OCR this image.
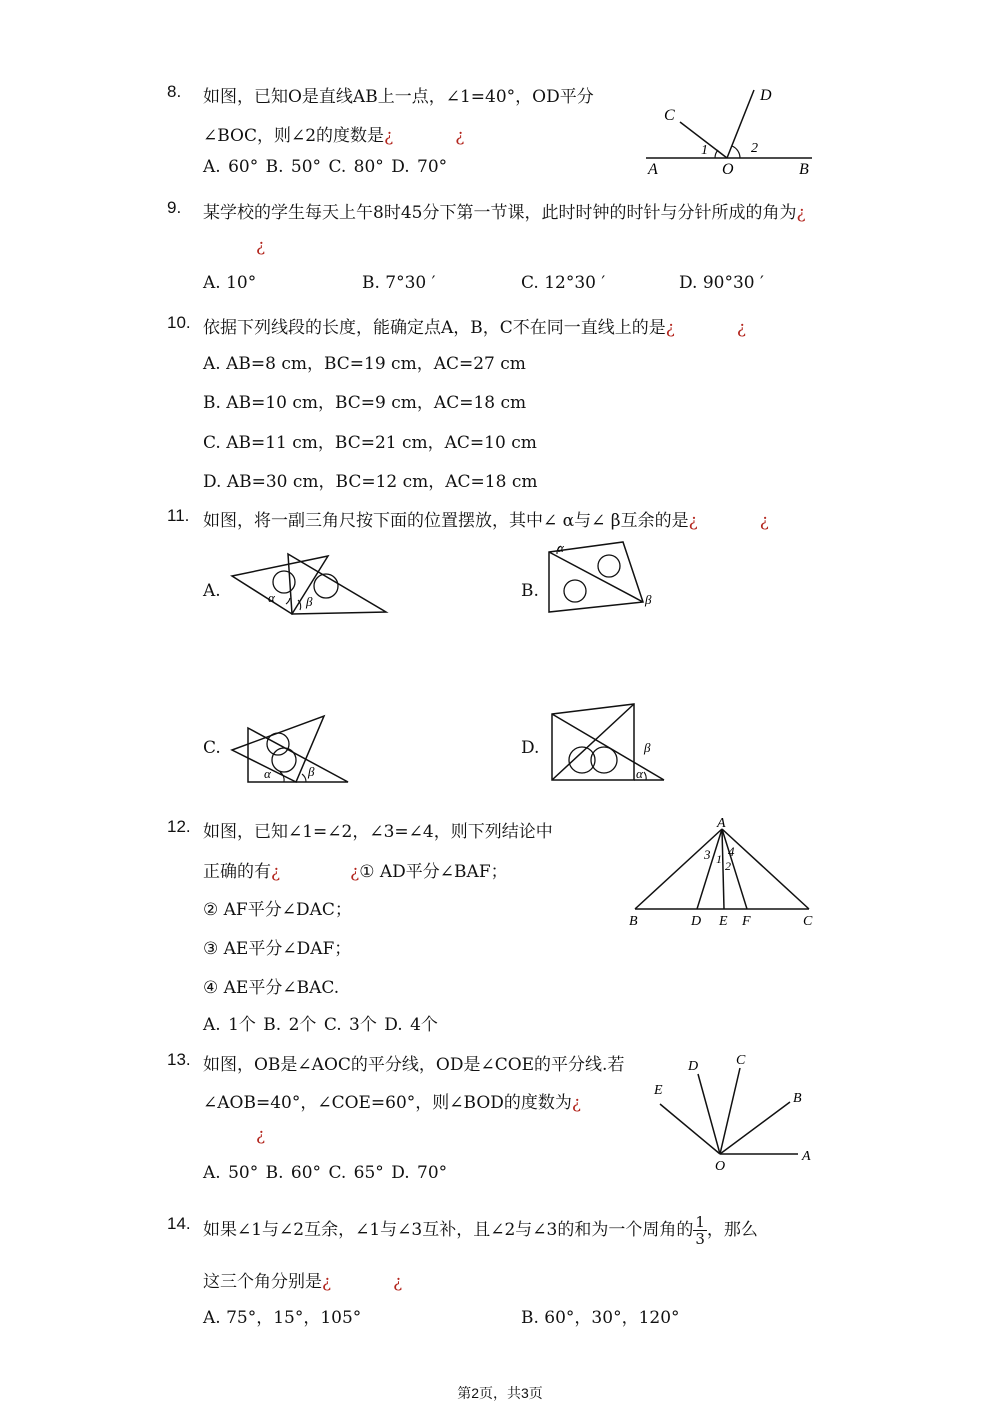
8. 如图，已知O是直线AB上一点，∠1=40°，OD平分
∠BOC，则∠2的度数是¿	¿
A. 60° B. 50° C. 80° D. 70°	A	B
C
D
O
1	2
9. 某学校的学生每天上午8时45分下第一节课，此时时钟的时针与分针所成的角为¿
¿
A. 10°	B. 7°30 ′	C. 12°30 ′	D. 90°30 ′
10. 依据下列线段的长度，能确定点A，B，C不在同一直线上的是¿	¿
A. AB=8 cm，BC=19 cm，AC=27 cm
B. AB=10 cm，BC=9 cm，AC=18 cm
C. AB=11 cm，BC=21 cm，AC=10 cm
D. AB=30 cm，BC=12 cm，AC=18 cm
11. 如图，将一副三角尺按下面的位置摆放，其中∠ α与∠ β互余的是¿	¿
A.	α β
B.
α
β
C.
α	β
D.
α
β
12. 如图，已知∠1=∠2，∠3=∠4，则下列结论中
正确的有¿	¿① AD平分∠BAF；
② AF平分∠DAC；
③ AE平分∠DAF；
④ AE平分∠BAC.
A. 1个 B. 2个 C. 3个 D. 4个
A
B	D E F	C
3 4
1 2
13. 如图，OB是∠AOC的平分线，OD是∠COE的平分线.若
∠AOB=40°，∠COE=60°，则∠BOD的度数为¿
¿
A. 50° B. 60° C. 65° D. 70°
A
B
C
D
E
O
14. 如果∠1与∠2互余，∠1与∠3互补，且∠2与∠3的和为一个周角的 $\frac{1}{3}$ ，那么
这三个角分别是¿	¿
A. 75°，15°，105°	B. 60°，30°，120°
第2页，共3页
